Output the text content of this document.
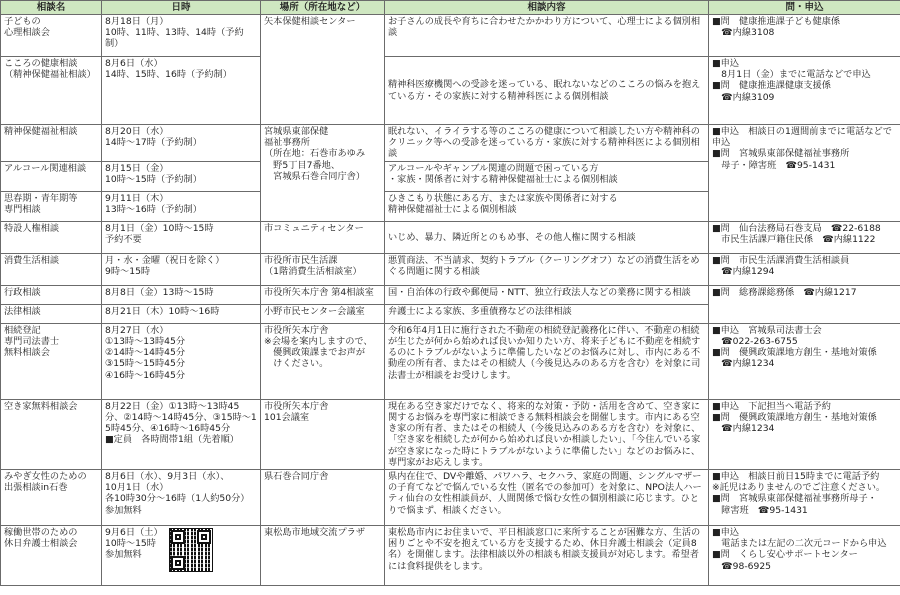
相談名	日時	場所（所在地など）	相談内容	問・申込

子どもの
心理相談会	8月18日（月）
10時、11時、13時、14時（予約制）	矢本保健相談センター	お子さんの成長や育ちに合わせたかかわり方について、心理士による個別相談	■問　健康推進課子ども健康係
　☎内線3108

こころの健康相談
（精神保健福祉相談）	8月6日（水）
14時、15時、16時（予約制）		精神科医療機関への受診を迷っている、眠れないなどのこころの悩みを抱えている方・その家族に対する精神科医による個別相談	■申込
　8月1日（金）までに電話などで申込
■問　健康推進課健康支援係
　☎内線3109

精神保健福祉相談	8月20日（水）
14時～17時（予約制）	宮城県東部保健
福祉事務所
（所在地：石巻市あゆみ
　野5丁目7番地、
　宮城県石巻合同庁舎）	眠れない、イライラする等のこころの健康について相談したい方や精神科のクリニック等への受診を迷っている方・家族に対する精神科医による個別相談	■申込　相談日の1週間前までに電話などで申込
■問　宮城県東部保健福祉事務所
　母子・障害班　☎95-1431

アルコール関連相談	8月15日（金）
10時～15時（予約制）		アルコールやギャンブル関連の問題で困っている方
・家族・関係者に対する精神保健福祉士による個別相談	

思春期・青年期等
専門相談	9月11日（木）
13時～16時（予約制）		ひきこもり状態にある方、または家族や関係者に対する
精神保健福祉士による個別相談	

特設人権相談	8月1日（金）10時～15時
予約不要	市コミュニティセンター	いじめ、暴力、隣近所とのもめ事、その他人権に関する相談	■問　仙台法務局石巻支局　☎22-6188
　市民生活課戸籍住民係　☎内線1122

消費生活相談	月・水・金曜（祝日を除く）
9時～15時	市役所市民生活課
（1階消費生活相談室）	悪質商法、不当請求、契約トラブル（クーリングオフ）などの消費生活をめぐる問題に関する相談	■問　市民生活課消費生活相談員
　☎内線1294

行政相談	8月8日（金）13時～15時	市役所矢本庁舎 第4相談室	国・自治体の行政や郵便局・NTT、独立行政法人などの業務に関する相談	■問　総務課総務係　☎内線1217

法律相談	8月21日（木）10時～16時	小野市民センター会議室	弁護士による家族、多重債務などの法律相談	

相続登記
専門司法書士
無料相談会	8月27日（水）
①13時～13時45分
②14時～14時45分
③15時～15時45分
④16時～16時45分	市役所矢本庁舎
※会場を案内しますので、
　優興政策課までお声が
　けください。	令和6年4月1日に施行された不動産の相続登記義務化に伴い、不動産の相続が生じたが何から始めれば良いか知りたい方、将来子どもに不動産を相続するのにトラブルがないように準備したいなどのお悩みに対し、市内にある不動産の所有者、またはその相続人（今後見込みのある方を含む）を対象に司法書士が相談をお受けします。	■申込　宮城県司法書士会
　☎022-263-6755
■問　優興政策課地方創生・基地対策係
　☎内線1234

空き家無料相談会	8月22日（金）①13時～13時45分、②14時～14時45分、③15時～15時45分、④16時～16時45分
■定員　各時間帯1組（先着順）	市役所矢本庁舎
101会議室	現在ある空き家だけでなく、将来的な対策・予防・活用を含めて、空き家に関するお悩みを専門家に相談できる無料相談会を開催します。市内にある空き家の所有者、またはその相続人（今後見込みのある方を含む）を対象に、「空き家を相続したが何から始めれば良いか相談したい」、「今住んでいる家が空き家になった時にトラブルがないように準備したい」などのお悩みに、専門家がお応えします。	■申込　下記担当へ電話予約
■問　優興政策課地方創生・基地対策係
　☎内線1234

みやぎ女性のための
出張相談in石巻	8月6日（水）、9月3日（水）、
10月1日（水）
各10時30分～16時（1人約50分）
参加無料	県石巻合同庁舎	県内在住で、DVや離婚、パワハラ、セクハラ、家庭の問題、シングルマザーの子育てなどで悩んでいる女性（匿名での参加可）を対象に、NPO法人ハーティ仙台の女性相談員が、人間関係で悩む女性の個別相談に応じます。ひとりで悩まず、相談ください。	■申込　相談日前日15時までに電話予約
※託児はありませんのでご注意ください。
■問　宮城県東部保健福祉事務所母子・
　障害班　☎95-1431

稼働世帯のための
休日弁護士相談会	9月6日（土）
10時～15時
参加無料	東松島市地域交流プラザ	東松島市内にお住まいで、平日相談窓口に来所することが困難な方、生活の困りごとや不安を抱えている方を支援するため、休日弁護士相談会（定員8名）を開催します。法律相談以外の相談も相談支援員が対応します。希望者には食料提供をします。	■申込
　電話または左記の二次元コードから申込
■問　くらし安心サポートセンター
　☎98-6925
